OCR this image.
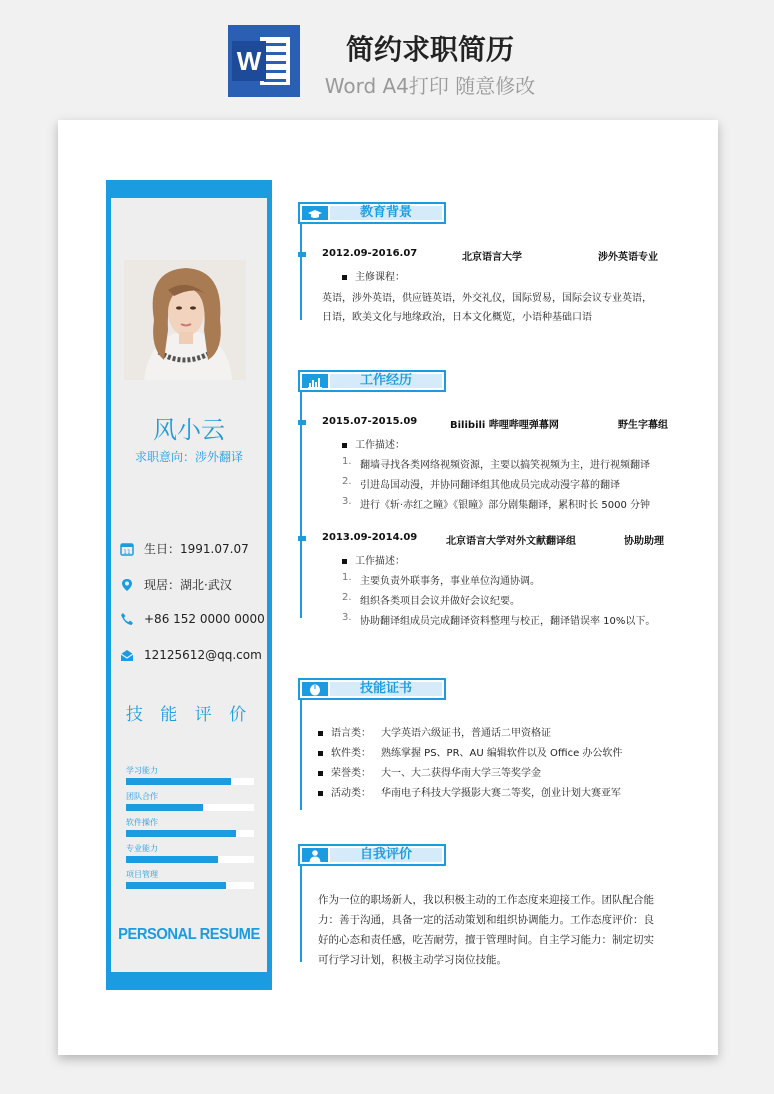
W	简约求职简历
Word A4打印 随意修改
风小云
求职意向：涉外翻译
11 生日：1991.07.07
现居：湖北·武汉
+86 152 0000 0000
12125612@qq.com
技 能 评 价
学习能力
团队合作
软件操作
专业能力
项目管理
PERSONAL RESUME
教育背景
2012.09-2016.07	北京语言大学	涉外英语专业
主修课程：
英语，涉外英语，供应链英语，外交礼仪，国际贸易，国际会议专业英语，
日语，欧美文化与地缘政治，日本文化概览，小语种基础口语
工作经历
2015.07-2015.09	Bilibili 哔哩哔哩弹幕网	野生字幕组
工作描述：
1. 翻墙寻找各类网络视频资源，主要以搞笑视频为主，进行视频翻译
2. 引进岛国动漫，并协同翻译组其他成员完成动漫字幕的翻译
3. 进行《斩·赤红之瞳》《银瞳》部分剧集翻译，累积时长 5000 分钟
2013.09-2014.09	北京语言大学对外文献翻译组	协助助理
工作描述：
1. 主要负责外联事务，事业单位沟通协调。
2. 组织各类项目会议并做好会议纪要。
3. 协助翻译组成员完成翻译资料整理与校正，翻译错误率 10%以下。
技能证书
语言类： 大学英语六级证书，普通话二甲资格证
软件类： 熟练掌握 PS、PR、AU 编辑软件以及 Office 办公软件
荣誉类： 大一、大二获得华南大学三等奖学金
活动类： 华南电子科技大学摄影大赛二等奖，创业计划大赛亚军
自我评价
作为一位的职场新人，我以积极主动的工作态度来迎接工作。团队配合能
力：善于沟通，具备一定的活动策划和组织协调能力。工作态度评价：良
好的心态和责任感，吃苦耐劳，擅于管理时间。自主学习能力：制定切实
可行学习计划，积极主动学习岗位技能。
